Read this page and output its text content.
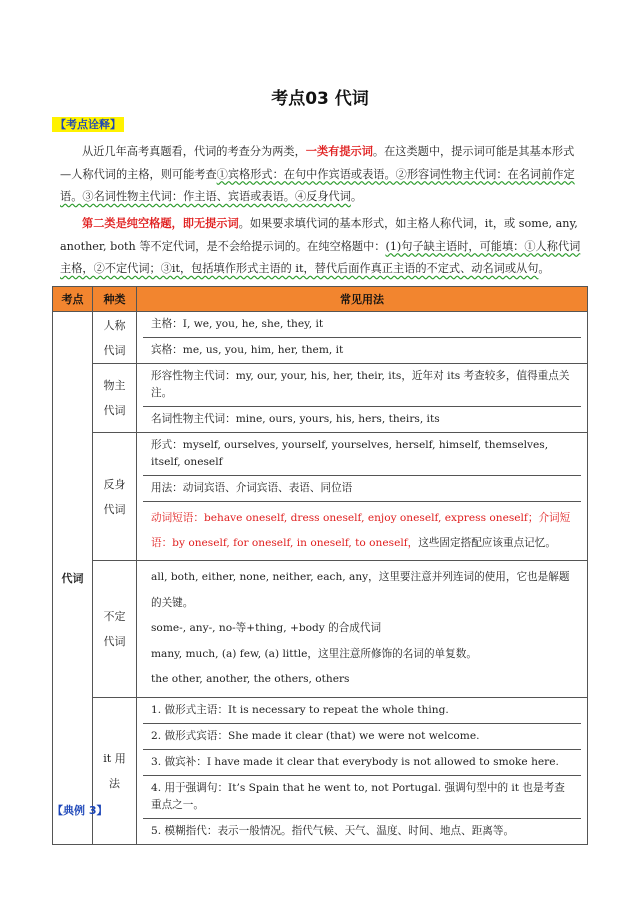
考点03 代词
【考点诠释】
从近几年高考真题看，代词的考查分为两类，一类有提示词。在这类题中，提示词可能是其基本形式—人称代词的主格，则可能考查①宾格形式：在句中作宾语或表语。②形容词性物主代词：在名词前作定语。③名词性物主代词：作主语、宾语或表语。④反身代词。
第二类是纯空格题，即无提示词。如果要求填代词的基本形式，如主格人称代词，it，或 some, any, another, both 等不定代词，是不会给提示词的。在纯空格题中：(1)句子缺主语时，可能填：①人称代词主格，②不定代词；③it，包括填作形式主语的 it，替代后面作真正主语的不定式、动名词或从句。
考点	种类	常见用法
代词	人称代词	主格：I, we, you, he, she, they, it
宾格：me, us, you, him, her, them, it

	物主代词	形容性物主代词：my, our, your, his, her, their, its，近年对 its 考查较多，值得重点关注。
名词性物主代词：mine, ours, yours, his, hers, theirs, its

	反身代词	形式：myself, ourselves, yourself, yourselves, herself, himself, themselves, itself, oneself
用法：动词宾语、介词宾语、表语、同位语
动词短语：behave oneself, dress oneself, enjoy oneself, express oneself；介词短语：by oneself, for oneself, in oneself, to oneself，这些固定搭配应该重点记忆。

	不定代词	all, both, either, none, neither, each, any，这里要注意并列连词的使用，它也是解题的关键。
some-, any-, no-等+thing, +body 的合成代词
many, much, (a) few, (a) little，这里注意所修饰的名词的单复数。
the other, another, the others, others

	it 用法	1. 做形式主语：It is necessary to repeat the whole thing.
2. 做形式宾语：She made it clear (that) we were not welcome.
3. 做宾补：I have made it clear that everybody is not allowed to smoke here.
4. 用于强调句：It’s Spain that he went to, not Portugal. 强调句型中的 it 也是考查重点之一。
5. 模糊指代：表示一般情况。指代气候、天气、温度、时间、地点、距离等。
【典例 3】
